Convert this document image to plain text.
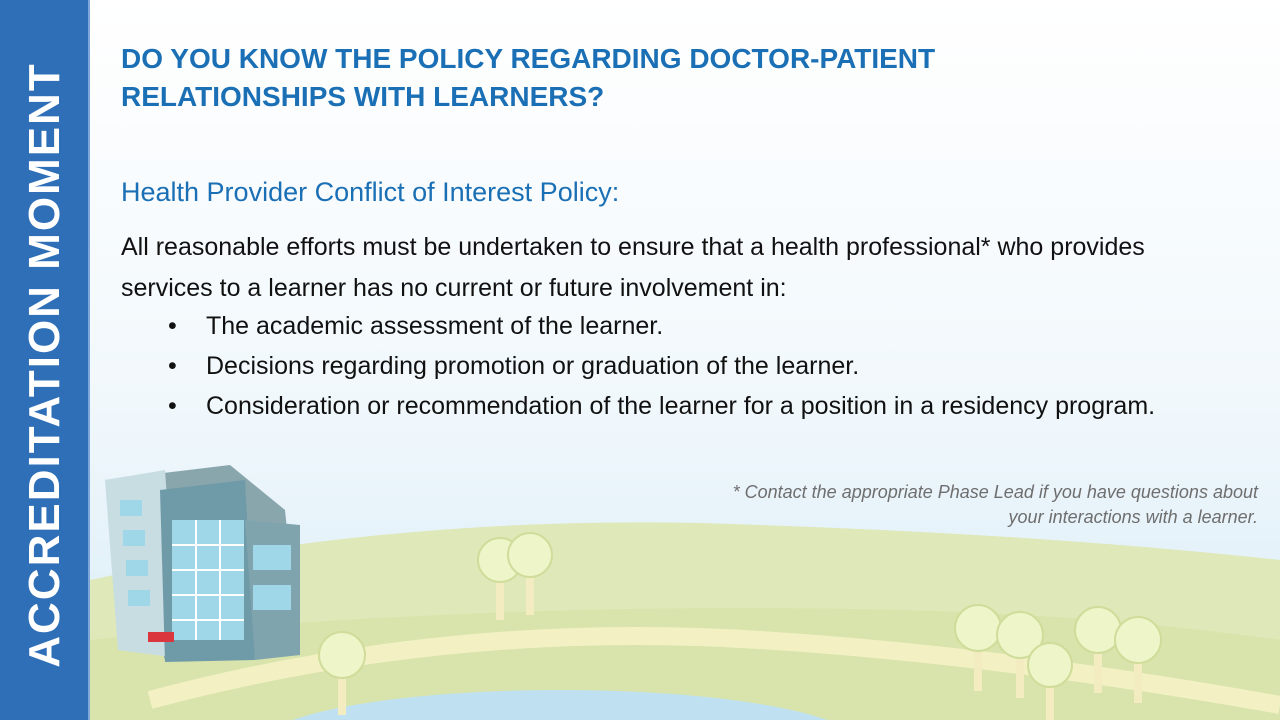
ACCREDITATION MOMENT
DO YOU KNOW THE POLICY REGARDING DOCTOR-PATIENT RELATIONSHIPS WITH LEARNERS?
Health Provider Conflict of Interest Policy:
All reasonable efforts must be undertaken to ensure that a health professional* who provides services to a learner has no current or future involvement in:
• The academic assessment of the learner.
• Decisions regarding promotion or graduation of the learner.
• Consideration or recommendation of the learner for a position in a residency program.
* Contact the appropriate Phase Lead if you have questions about your interactions with a learner.
